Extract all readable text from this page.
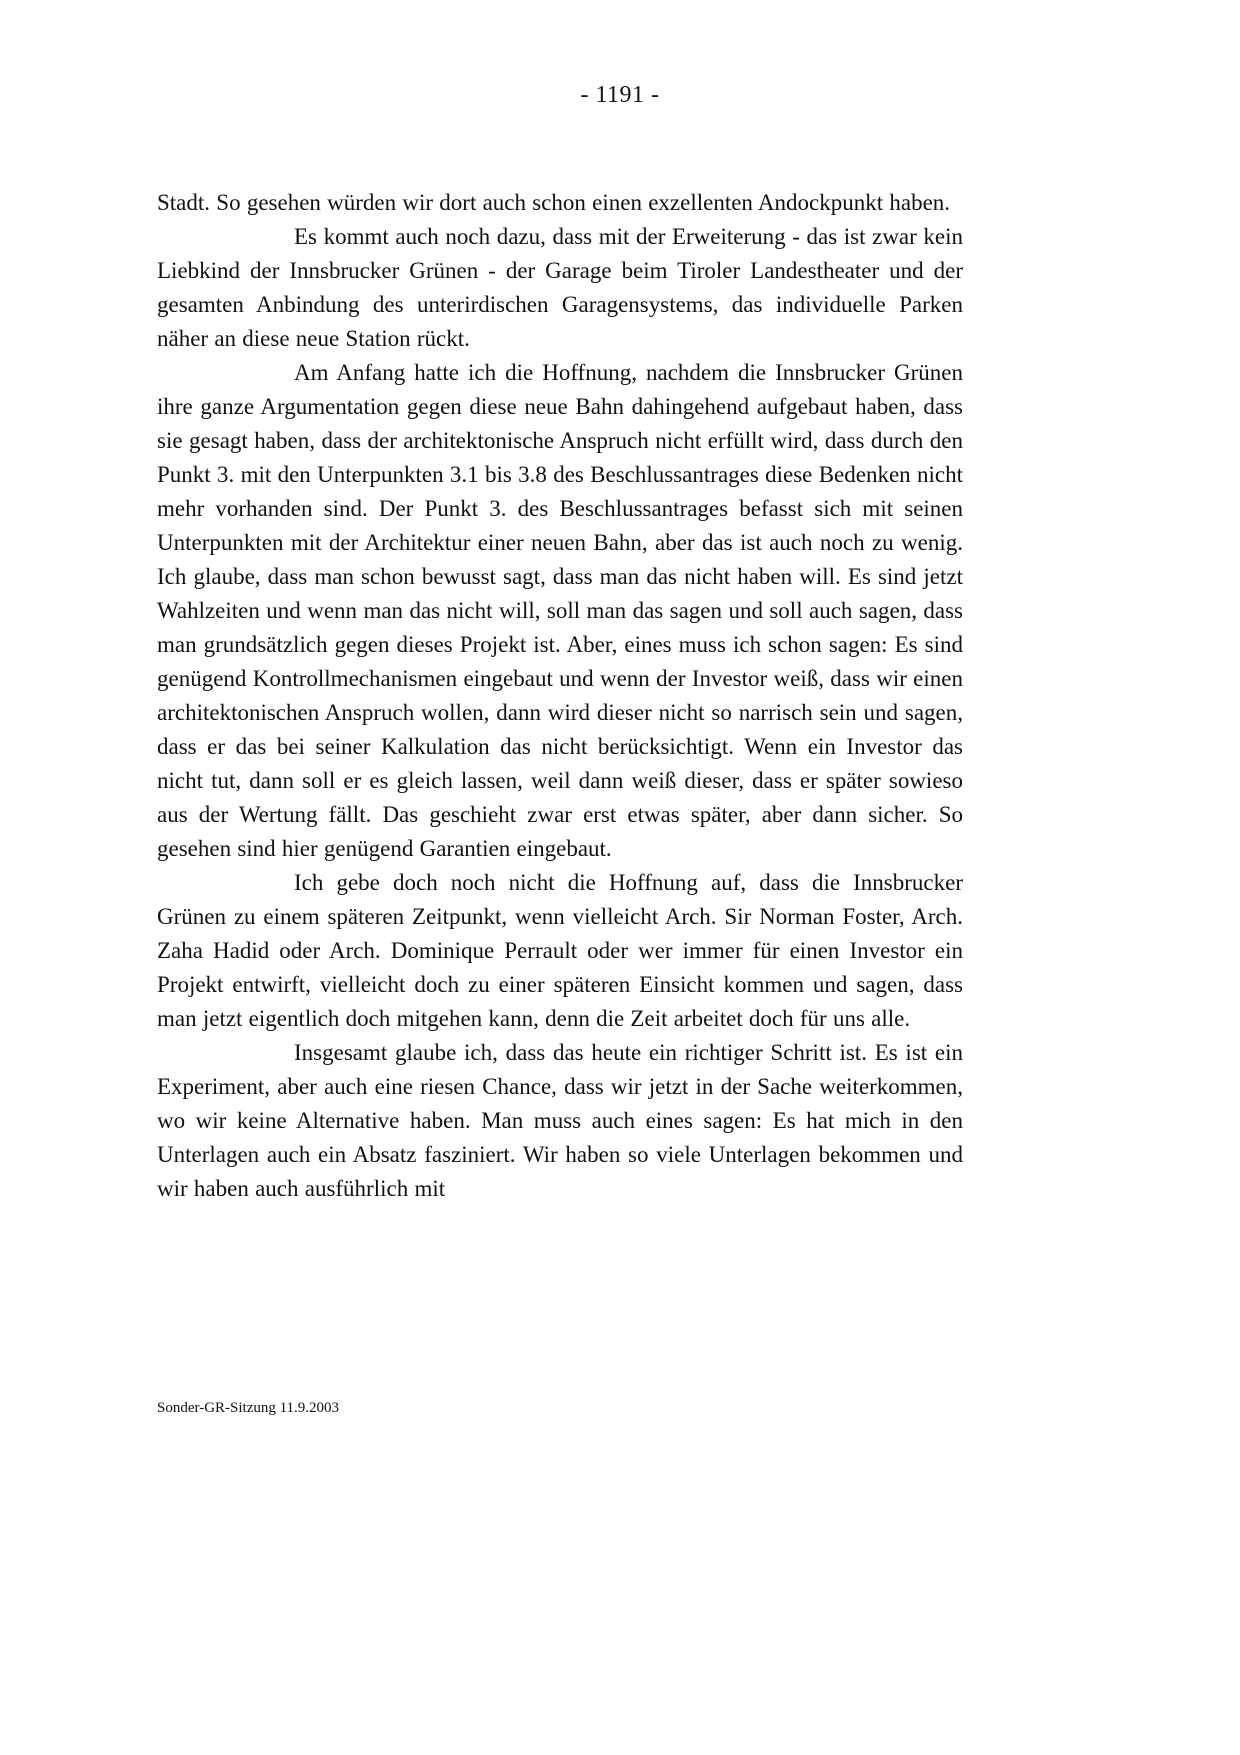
- 1191 -

Stadt. So gesehen würden wir dort auch schon einen exzellenten Andockpunkt haben.

Es kommt auch noch dazu, dass mit der Erweiterung - das ist zwar kein Liebkind der Innsbrucker Grünen - der Garage beim Tiroler Landestheater und der gesamten Anbindung des unterirdischen Garagensystems, das individuelle Parken näher an diese neue Station rückt.

Am Anfang hatte ich die Hoffnung, nachdem die Innsbrucker Grünen ihre ganze Argumentation gegen diese neue Bahn dahingehend aufgebaut haben, dass sie gesagt haben, dass der architektonische Anspruch nicht erfüllt wird, dass durch den Punkt 3. mit den Unterpunkten 3.1 bis 3.8 des Beschlussantrages diese Bedenken nicht mehr vorhanden sind. Der Punkt 3. des Beschlussantrages befasst sich mit seinen Unterpunkten mit der Architektur einer neuen Bahn, aber das ist auch noch zu wenig. Ich glaube, dass man schon bewusst sagt, dass man das nicht haben will. Es sind jetzt Wahlzeiten und wenn man das nicht will, soll man das sagen und soll auch sagen, dass man grundsätzlich gegen dieses Projekt ist. Aber, eines muss ich schon sagen: Es sind genügend Kontrollmechanismen eingebaut und wenn der Investor weiß, dass wir einen architektonischen Anspruch wollen, dann wird dieser nicht so narrisch sein und sagen, dass er das bei seiner Kalkulation das nicht berücksichtigt. Wenn ein Investor das nicht tut, dann soll er es gleich lassen, weil dann weiß dieser, dass er später sowieso aus der Wertung fällt. Das geschieht zwar erst etwas später, aber dann sicher. So gesehen sind hier genügend Garantien eingebaut.

Ich gebe doch noch nicht die Hoffnung auf, dass die Innsbrucker Grünen zu einem späteren Zeitpunkt, wenn vielleicht Arch. Sir Norman Foster, Arch. Zaha Hadid oder Arch. Dominique Perrault oder wer immer für einen Investor ein Projekt entwirft, vielleicht doch zu einer späteren Einsicht kommen und sagen, dass man jetzt eigentlich doch mitgehen kann, denn die Zeit arbeitet doch für uns alle.

Insgesamt glaube ich, dass das heute ein richtiger Schritt ist. Es ist ein Experiment, aber auch eine riesen Chance, dass wir jetzt in der Sache weiterkommen, wo wir keine Alternative haben. Man muss auch eines sagen: Es hat mich in den Unterlagen auch ein Absatz fasziniert. Wir haben so viele Unterlagen bekommen und wir haben auch ausführlich mit

Sonder-GR-Sitzung 11.9.2003
